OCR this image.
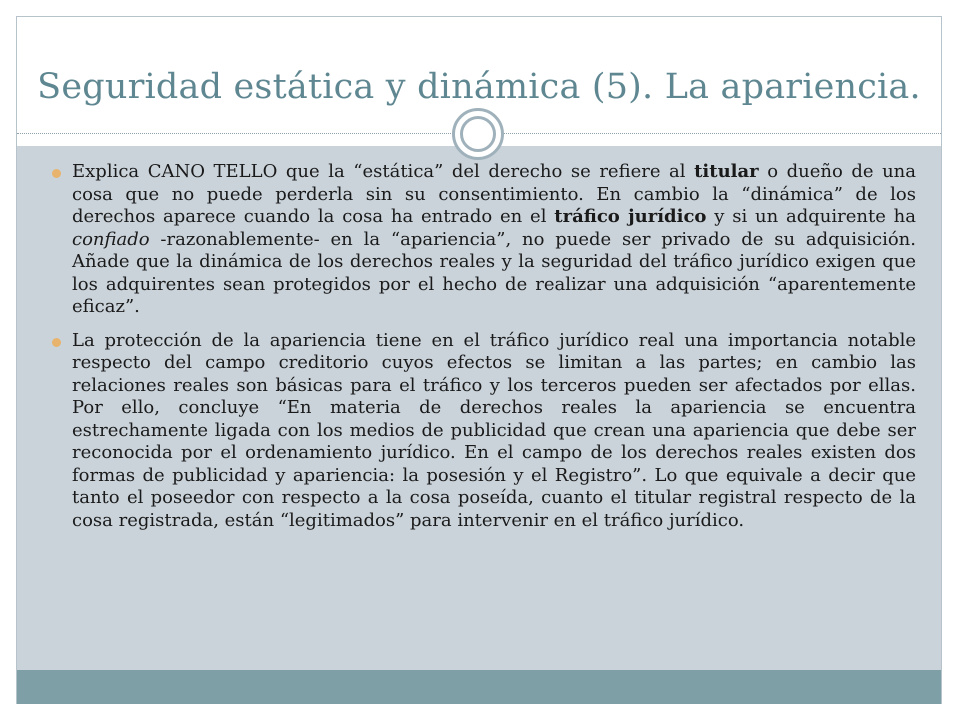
Seguridad estática y dinámica (5). La apariencia.
Explica CANO TELLO que la “estática” del derecho se refiere al titular o dueño de una cosa que no puede perderla sin su consentimiento. En cambio la “dinámica” de los derechos aparece cuando la cosa ha entrado en el tráfico jurídico y si un adquirente ha confiado -razonablemente- en la “apariencia”, no puede ser privado de su adquisición. Añade que la dinámica de los derechos reales y la seguridad del tráfico jurídico exigen que los adquirentes sean protegidos por el hecho de realizar una adquisición “aparentemente eficaz”.
La protección de la apariencia tiene en el tráfico jurídico real una importancia notable respecto del campo creditorio cuyos efectos se limitan a las partes; en cambio las relaciones reales son básicas para el tráfico y los terceros pueden ser afectados por ellas. Por ello, concluye “En materia de derechos reales la apariencia se encuentra estrechamente ligada con los medios de publicidad que crean una apariencia que debe ser reconocida por el ordenamiento jurídico. En el campo de los derechos reales existen dos formas de publicidad y apariencia: la posesión y el Registro”. Lo que equivale a decir que tanto el poseedor con respecto a la cosa poseída, cuanto el titular registral respecto de la cosa registrada, están “legitimados” para intervenir en el tráfico jurídico.
